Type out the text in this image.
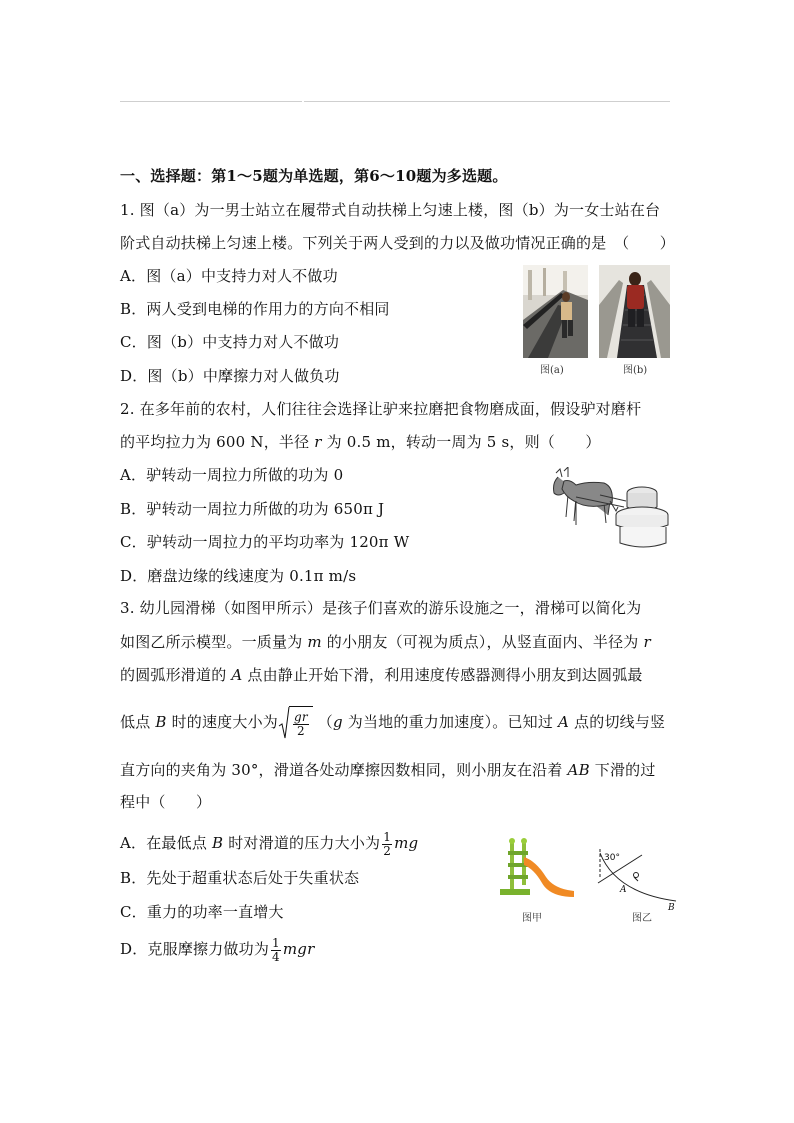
一、选择题：第1～5题为单选题，第6～10题为多选题。
1. 图（a）为一男士站立在履带式自动扶梯上匀速上楼，图（b）为一女士站在台
阶式自动扶梯上匀速上楼。下列关于两人受到的力以及做功情况正确的是　（　　）
A．图（a）中支持力对人不做功
B．两人受到电梯的作用力的方向不相同
C．图（b）中支持力对人不做功
D．图（b）中摩擦力对人做负功	图(a)	图(b)
2. 在多年前的农村，人们往往会选择让驴来拉磨把食物磨成面，假设驴对磨杆
的平均拉力为 600 N，半径 r 为 0.5 m，转动一周为 5 s，则（　　）
A．驴转动一周拉力所做的功为 0
B．驴转动一周拉力所做的功为 650π J
C．驴转动一周拉力的平均功率为 120π W
D．磨盘边缘的线速度为 0.1π m/s
3. 幼儿园滑梯（如图甲所示）是孩子们喜欢的游乐设施之一，滑梯可以简化为
如图乙所示模型。一质量为 m 的小朋友（可视为质点），从竖直面内、半径为 r
的圆弧形滑道的 A 点由静止开始下滑，利用速度传感器测得小朋友到达圆弧最
低点 B 时的速度大小为 $\frac{gr}{2} (g$ 为当地的重力加速度）。已知过 A 点的切线与竖
直方向的夹角为 30°，滑道各处动摩擦因数相同，则小朋友在沿着 AB 下滑的过
程中（　　）
A．在最低点 B 时对滑道的压力大小为 $\frac{1}{2}$ mg
B．先处于超重状态后处于失重状态
C．重力的功率一直增大
D．克服摩擦力做功为 $\frac{1}{4}$ mgr
30°
A
B
图甲	图乙
